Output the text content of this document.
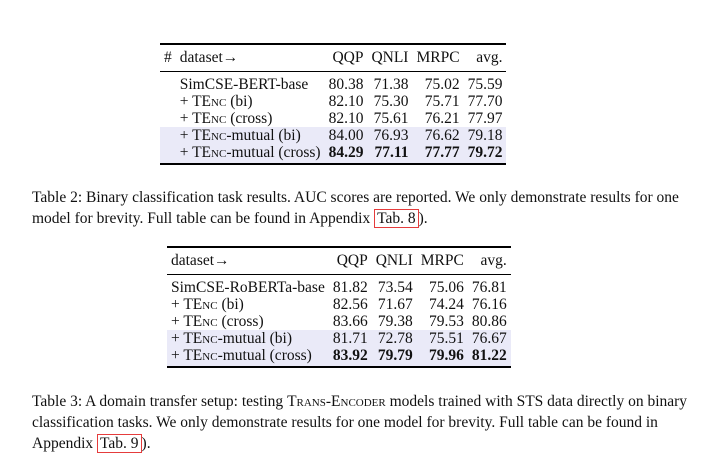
#	dataset→	QQP	QNLI	MRPC	avg.
	SimCSE-BERT-base	80.38	71.38	75.02	75.59
	+ TEnc (bi)	82.10	75.30	75.71	77.70
	+ TEnc (cross)	82.10	75.61	76.21	77.97
	+ TEnc-mutual (bi)	84.00	76.93	76.62	79.18
	+ TEnc-mutual (cross)	84.29	77.11	77.77	79.72

Table 2: Binary classification task results. AUC scores are reported. We only demonstrate results for one model for brevity. Full table can be found in Appendix Tab. 8 ).

dataset→	QQP	QNLI	MRPC	avg.
SimCSE-RoBERTa-base	81.82	73.54	75.06	76.81
+ TEnc (bi)	82.56	71.67	74.24	76.16
+ TEnc (cross)	83.66	79.38	79.53	80.86
+ TEnc-mutual (bi)	81.71	72.78	75.51	76.67
+ TEnc-mutual (cross)	83.92	79.79	79.96	81.22

Table 3: A domain transfer setup: testing Trans-Encoder models trained with STS data directly on binary classification tasks. We only demonstrate results for one model for brevity. Full table can be found in Appendix Tab. 9 ).
